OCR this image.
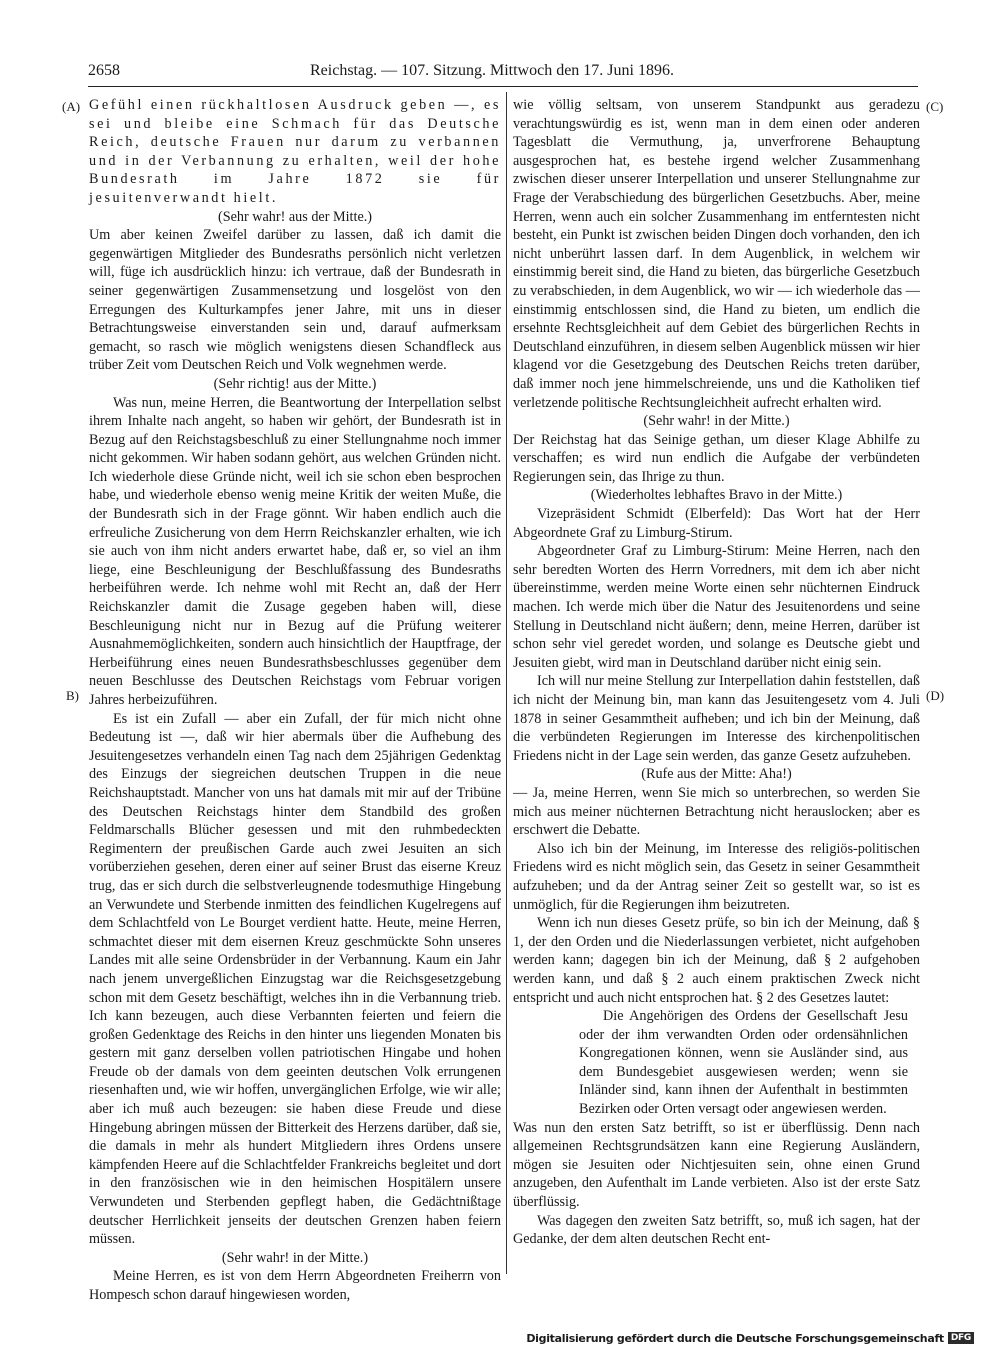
2658	Reichstag. — 107. Sitzung. Mittwoch den 17. Juni 1896.
(A)
B)
(C)
(D)

Gefühl einen rückhaltlosen Ausdruck geben —, es sei und bleibe eine Schmach für das Deutsche Reich, deutsche Frauen nur darum zu verbannen und in der Verbannung zu erhalten, weil der hohe Bundesrath im Jahre 1872 sie für jesuitenverwandt hielt.

(Sehr wahr! aus der Mitte.)

Um aber keinen Zweifel darüber zu lassen, daß ich damit die gegenwärtigen Mitglieder des Bundesraths persönlich nicht verletzen will, füge ich ausdrücklich hinzu: ich vertraue, daß der Bundesrath in seiner gegenwärtigen Zusammensetzung und losgelöst von den Erregungen des Kulturkampfes jener Jahre, mit uns in dieser Betrachtungsweise einverstanden sein und, darauf aufmerksam gemacht, so rasch wie möglich wenigstens diesen Schandfleck aus trüber Zeit vom Deutschen Reich und Volk wegnehmen werde.

(Sehr richtig! aus der Mitte.)

Was nun, meine Herren, die Beantwortung der Interpellation selbst ihrem Inhalte nach angeht, so haben wir gehört, der Bundesrath ist in Bezug auf den Reichstagsbeschluß zu einer Stellungnahme noch immer nicht gekommen. Wir haben sodann gehört, aus welchen Gründen nicht. Ich wiederhole diese Gründe nicht, weil ich sie schon eben besprochen habe, und wiederhole ebenso wenig meine Kritik der weiten Muße, die der Bundesrath sich in der Frage gönnt. Wir haben endlich auch die erfreuliche Zusicherung von dem Herrn Reichskanzler erhalten, wie ich sie auch von ihm nicht anders erwartet habe, daß er, so viel an ihm liege, eine Beschleunigung der Beschlußfassung des Bundesraths herbeiführen werde. Ich nehme wohl mit Recht an, daß der Herr Reichskanzler damit die Zusage gegeben haben will, diese Beschleunigung nicht nur in Bezug auf die Prüfung weiterer Ausnahmemöglichkeiten, sondern auch hinsichtlich der Hauptfrage, der Herbeiführung eines neuen Bundesrathsbeschlusses gegenüber dem neuen Beschlusse des Deutschen Reichstags vom Februar vorigen Jahres herbeizuführen.

Es ist ein Zufall — aber ein Zufall, der für mich nicht ohne Bedeutung ist —, daß wir hier abermals über die Aufhebung des Jesuitengesetzes verhandeln einen Tag nach dem 25jährigen Gedenktag des Einzugs der siegreichen deutschen Truppen in die neue Reichshauptstadt. Mancher von uns hat damals mit mir auf der Tribüne des Deutschen Reichstags hinter dem Standbild des großen Feldmarschalls Blücher gesessen und mit den ruhmbedeckten Regimentern der preußischen Garde auch zwei Jesuiten an sich vorüberziehen gesehen, deren einer auf seiner Brust das eiserne Kreuz trug, das er sich durch die selbstverleugnende todesmuthige Hingebung an Verwundete und Sterbende inmitten des feindlichen Kugelregens auf dem Schlachtfeld von Le Bourget verdient hatte. Heute, meine Herren, schmachtet dieser mit dem eisernen Kreuz geschmückte Sohn unseres Landes mit alle seine Ordensbrüder in der Verbannung. Kaum ein Jahr nach jenem unvergeßlichen Einzugstag war die Reichsgesetzgebung schon mit dem Gesetz beschäftigt, welches ihn in die Verbannung trieb. Ich kann bezeugen, auch diese Verbannten feierten und feiern die großen Gedenktage des Reichs in den hinter uns liegenden Monaten bis gestern mit ganz derselben vollen patriotischen Hingabe und hohen Freude ob der damals von dem geeinten deutschen Volk errungenen riesenhaften und, wie wir hoffen, unvergänglichen Erfolge, wie wir alle; aber ich muß auch bezeugen: sie haben diese Freude und diese Hingebung abringen müssen der Bitterkeit des Herzens darüber, daß sie, die damals in mehr als hundert Mitgliedern ihres Ordens unsere kämpfenden Heere auf die Schlachtfelder Frankreichs begleitet und dort in den französischen wie in den heimischen Hospitälern unsere Verwundeten und Sterbenden gepflegt haben, die Gedächtnißtage deutscher Herrlichkeit jenseits der deutschen Grenzen haben feiern müssen.

(Sehr wahr! in der Mitte.)

Meine Herren, es ist von dem Herrn Abgeordneten Freiherrn von Hompesch schon darauf hingewiesen worden,

wie völlig seltsam, von unserem Standpunkt aus geradezu verachtungswürdig es ist, wenn man in dem einen oder anderen Tagesblatt die Vermuthung, ja, unverfrorene Behauptung ausgesprochen hat, es bestehe irgend welcher Zusammenhang zwischen dieser unserer Interpellation und unserer Stellungnahme zur Frage der Verabschiedung des bürgerlichen Gesetzbuchs. Aber, meine Herren, wenn auch ein solcher Zusammenhang im entferntesten nicht besteht, ein Punkt ist zwischen beiden Dingen doch vorhanden, den ich nicht unberührt lassen darf. In dem Augenblick, in welchem wir einstimmig bereit sind, die Hand zu bieten, das bürgerliche Gesetzbuch zu verabschieden, in dem Augenblick, wo wir — ich wiederhole das — einstimmig entschlossen sind, die Hand zu bieten, um endlich die ersehnte Rechtsgleichheit auf dem Gebiet des bürgerlichen Rechts in Deutschland einzuführen, in diesem selben Augenblick müssen wir hier klagend vor die Gesetzgebung des Deutschen Reichs treten darüber, daß immer noch jene himmelschreiende, uns und die Katholiken tief verletzende politische Rechtsungleichheit aufrecht erhalten wird.

(Sehr wahr! in der Mitte.)

Der Reichstag hat das Seinige gethan, um dieser Klage Abhilfe zu verschaffen; es wird nun endlich die Aufgabe der verbündeten Regierungen sein, das Ihrige zu thun.

(Wiederholtes lebhaftes Bravo in der Mitte.)

Vizepräsident Schmidt (Elberfeld): Das Wort hat der Herr Abgeordnete Graf zu Limburg-Stirum.

Abgeordneter Graf zu Limburg-Stirum: Meine Herren, nach den sehr beredten Worten des Herrn Vorredners, mit dem ich aber nicht übereinstimme, werden meine Worte einen sehr nüchternen Eindruck machen. Ich werde mich über die Natur des Jesuitenordens und seine Stellung in Deutschland nicht äußern; denn, meine Herren, darüber ist schon sehr viel geredet worden, und solange es Deutsche giebt und Jesuiten giebt, wird man in Deutschland darüber nicht einig sein.

Ich will nur meine Stellung zur Interpellation dahin feststellen, daß ich nicht der Meinung bin, man kann das Jesuitengesetz vom 4. Juli 1878 in seiner Gesammtheit aufheben; und ich bin der Meinung, daß die verbündeten Regierungen im Interesse des kirchenpolitischen Friedens nicht in der Lage sein werden, das ganze Gesetz aufzuheben.

(Rufe aus der Mitte: Aha!)

— Ja, meine Herren, wenn Sie mich so unterbrechen, so werden Sie mich aus meiner nüchternen Betrachtung nicht herauslocken; aber es erschwert die Debatte.

Also ich bin der Meinung, im Interesse des religiös-politischen Friedens wird es nicht möglich sein, das Gesetz in seiner Gesammtheit aufzuheben; und da der Antrag seiner Zeit so gestellt war, so ist es unmöglich, für die Regierungen ihm beizutreten.

Wenn ich nun dieses Gesetz prüfe, so bin ich der Meinung, daß § 1, der den Orden und die Niederlassungen verbietet, nicht aufgehoben werden kann; dagegen bin ich der Meinung, daß § 2 aufgehoben werden kann, und daß § 2 auch einem praktischen Zweck nicht entspricht und auch nicht entsprochen hat. § 2 des Gesetzes lautet:

Die Angehörigen des Ordens der Gesellschaft Jesu oder der ihm verwandten Orden oder ordensähnlichen Kongregationen können, wenn sie Ausländer sind, aus dem Bundesgebiet ausgewiesen werden; wenn sie Inländer sind, kann ihnen der Aufenthalt in bestimmten Bezirken oder Orten versagt oder angewiesen werden.

Was nun den ersten Satz betrifft, so ist er überflüssig. Denn nach allgemeinen Rechtsgrundsätzen kann eine Regierung Ausländern, mögen sie Jesuiten oder Nichtjesuiten sein, ohne einen Grund anzugeben, den Aufenthalt im Lande verbieten. Also ist der erste Satz überflüssig.

Was dagegen den zweiten Satz betrifft, so, muß ich sagen, hat der Gedanke, der dem alten deutschen Recht ent-

Digitalisierung gefördert durch die Deutsche Forschungsgemeinschaft DFG
